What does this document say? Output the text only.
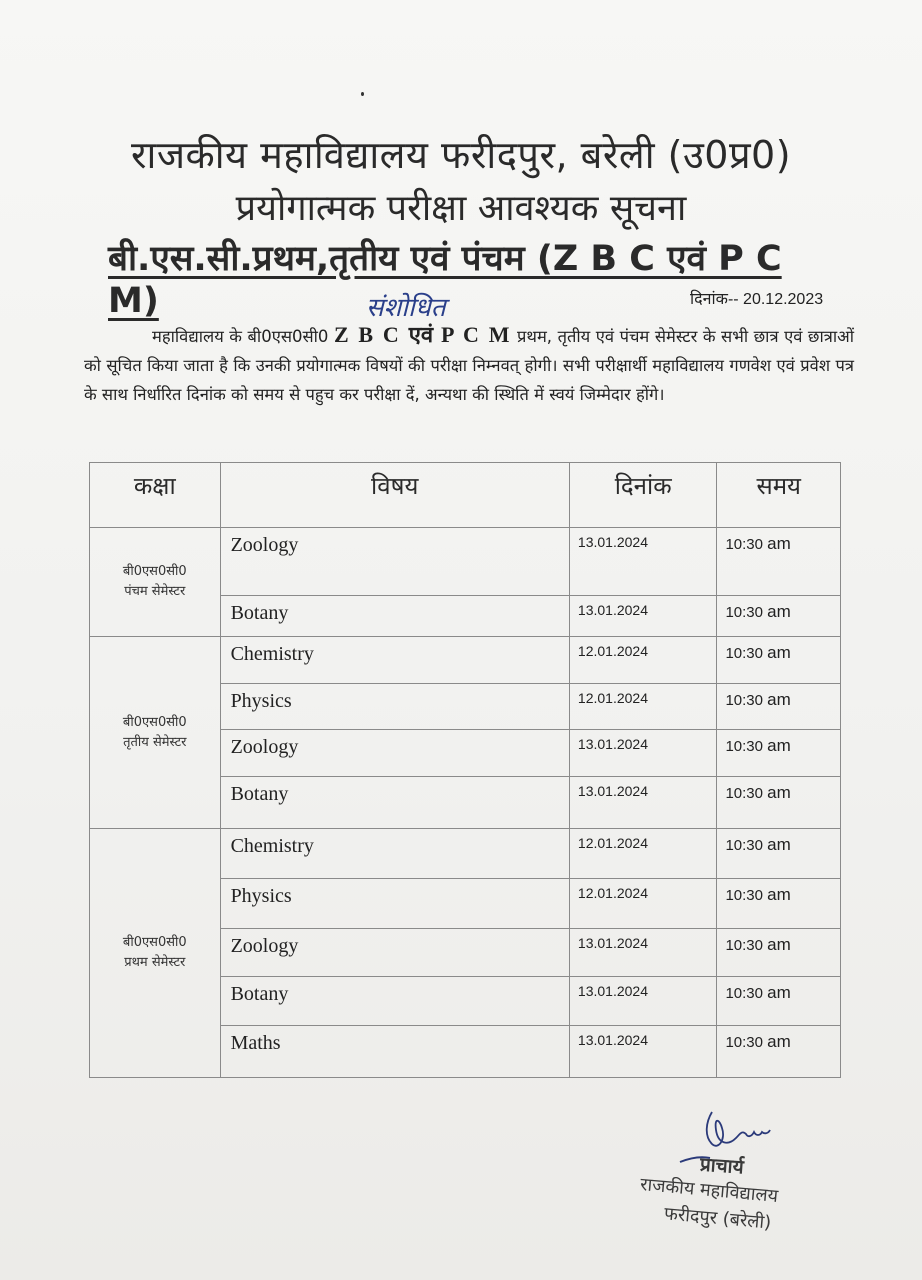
राजकीय महाविद्यालय फरीदपुर, बरेली (उ0प्र0)
प्रयोगात्मक परीक्षा आवश्यक सूचना
बी.एस.सी.प्रथम,तृतीय एवं पंचम (Z B C एवं P C M)	संशोधित	दिनांक-- 20.12.2023
महाविद्यालय के बी0एस0सी0 Z B C एवं P C M प्रथम, तृतीय एवं पंचम सेमेस्टर के सभी छात्र एवं छात्राओं को सूचित किया जाता है कि उनकी प्रयोगात्मक विषयों की परीक्षा निम्नवत् होगी। सभी परीक्षार्थी महाविद्यालय गणवेश एवं प्रवेश पत्र के साथ निर्धारित दिनांक को समय से पहुच कर परीक्षा दें, अन्यथा की स्थिति में स्वयं जिम्मेदार होंगे।
कक्षा	विषय	दिनांक	समय
बी0एस0सी0
पंचम सेमेस्टर	Zoology	13.01.2024	10:30 am
	Botany	13.01.2024	10:30 am
बी0एस0सी0
तृतीय सेमेस्टर	Chemistry	12.01.2024	10:30 am
	Physics	12.01.2024	10:30 am
	Zoology	13.01.2024	10:30 am
	Botany	13.01.2024	10:30 am
बी0एस0सी0
प्रथम सेमेस्टर	Chemistry	12.01.2024	10:30 am
	Physics	12.01.2024	10:30 am
	Zoology	13.01.2024	10:30 am
	Botany	13.01.2024	10:30 am
	Maths	13.01.2024	10:30 am
प्राचार्य
राजकीय महाविद्यालय
फरीदपुर (बरेली)
